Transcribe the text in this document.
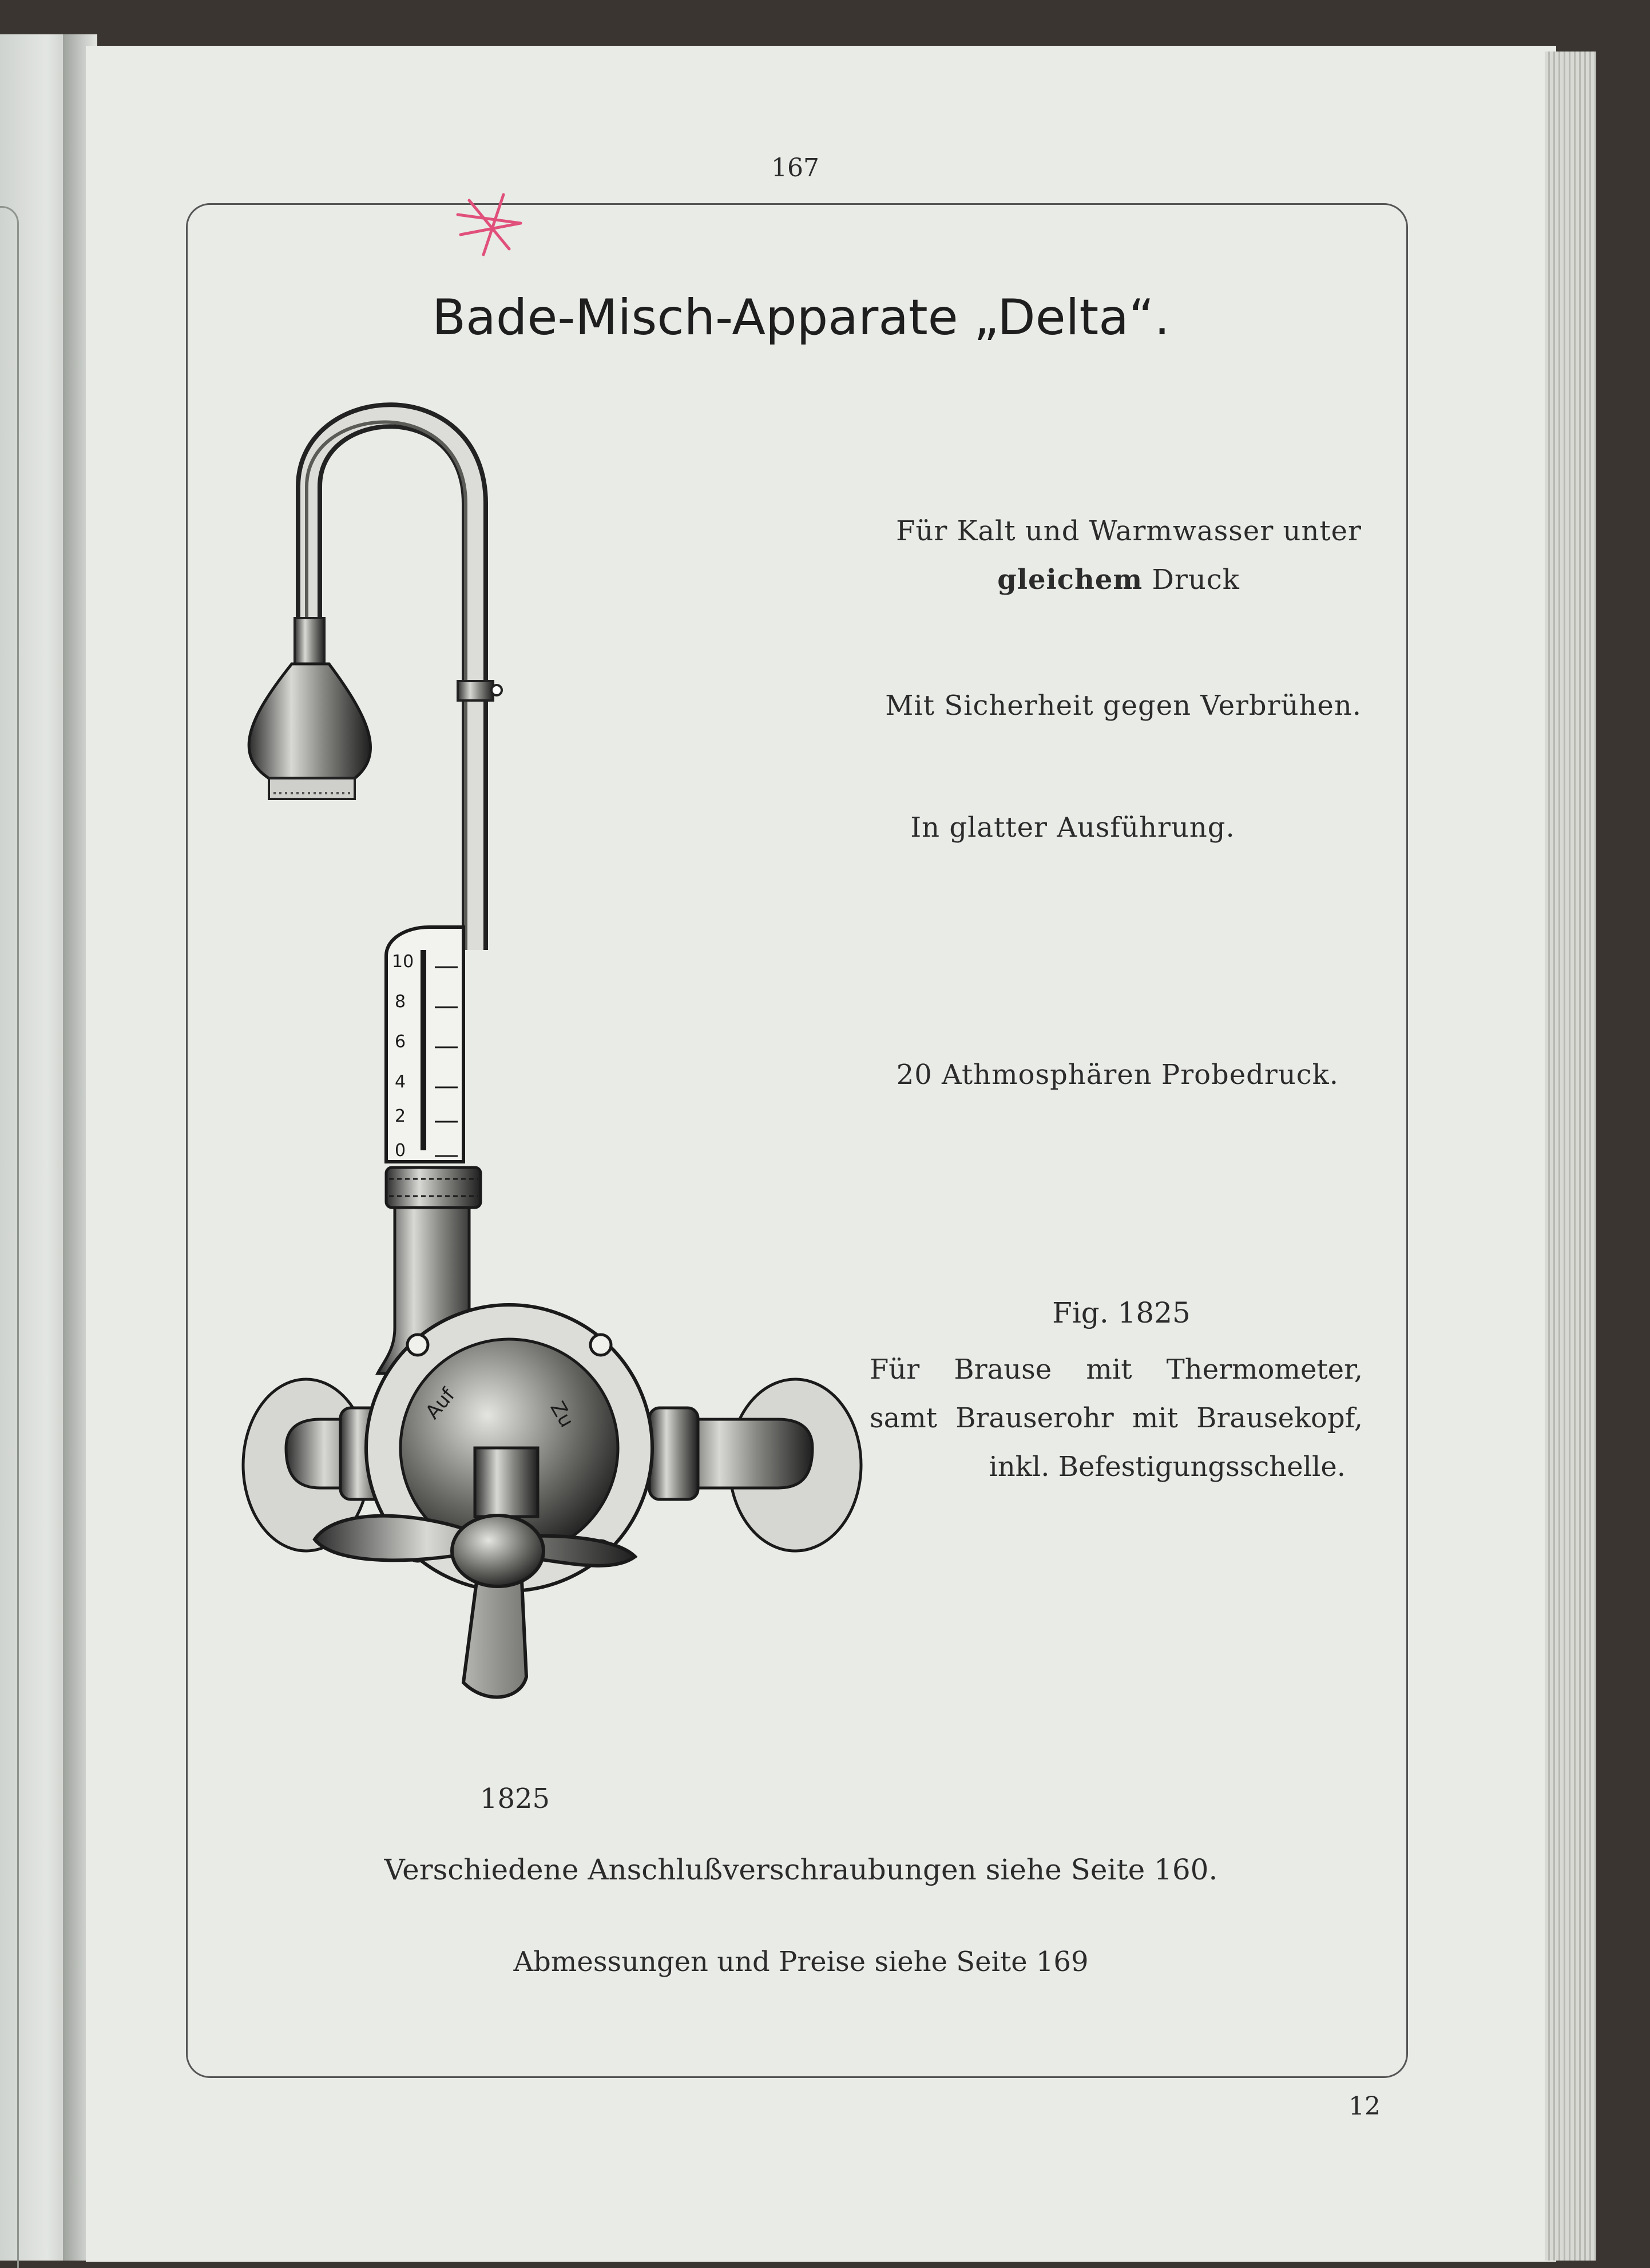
167
Bade-Misch-Apparate „Delta“.
Für Kalt und Warmwasser unter
gleichem Druck
Mit Sicherheit gegen Verbrühen.
In glatter Ausführung.
20 Athmosphären Probedruck.
Fig. 1825
Für Brause mit Thermometer,
samt Brauserohr mit Brausekopf,
inkl. Befestigungsschelle.
10
8
6
4
2
0
Auf	Zu
1825
Verschiedene Anschlußverschraubungen siehe Seite 160.
Abmessungen und Preise siehe Seite 169
12
